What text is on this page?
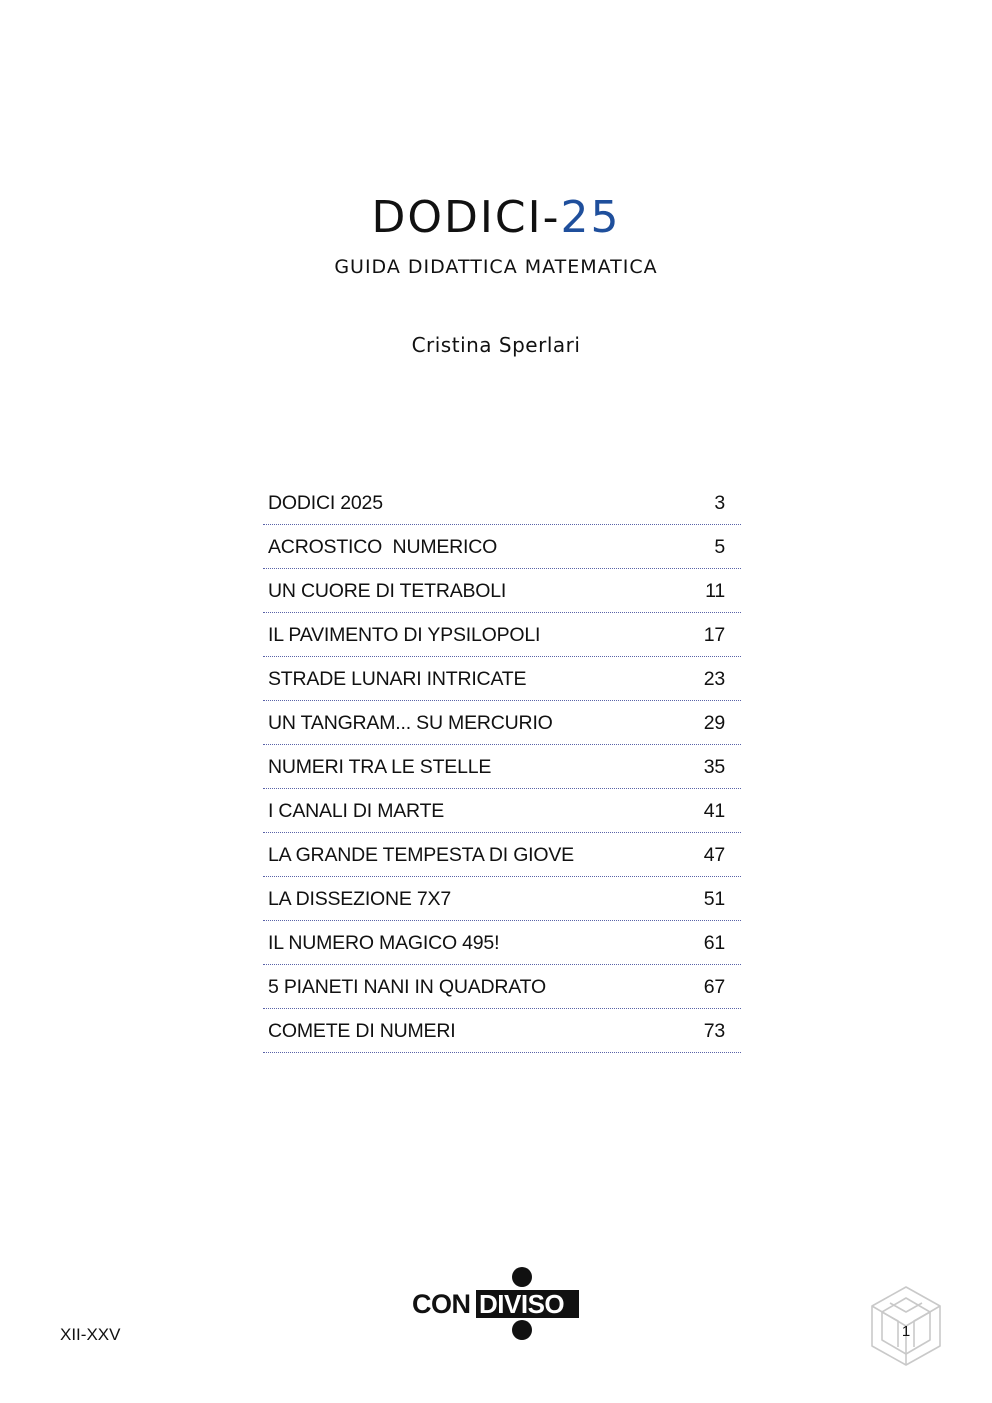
DODICI-25
GUIDA DIDATTICA MATEMATICA
Cristina Sperlari
DODICI 2025	3
ACROSTICO  NUMERICO	5
UN CUORE DI TETRABOLI	11
IL PAVIMENTO DI YPSILOPOLI	17
STRADE LUNARI INTRICATE	23
UN TANGRAM... SU MERCURIO	29
NUMERI TRA LE STELLE	35
I CANALI DI MARTE	41
LA GRANDE TEMPESTA DI GIOVE	47
LA DISSEZIONE 7X7	51
IL NUMERO MAGICO 495!	61
5 PIANETI NANI IN QUADRATO	67
COMETE DI NUMERI	73
XII-XXV
CON DIVISO
1
